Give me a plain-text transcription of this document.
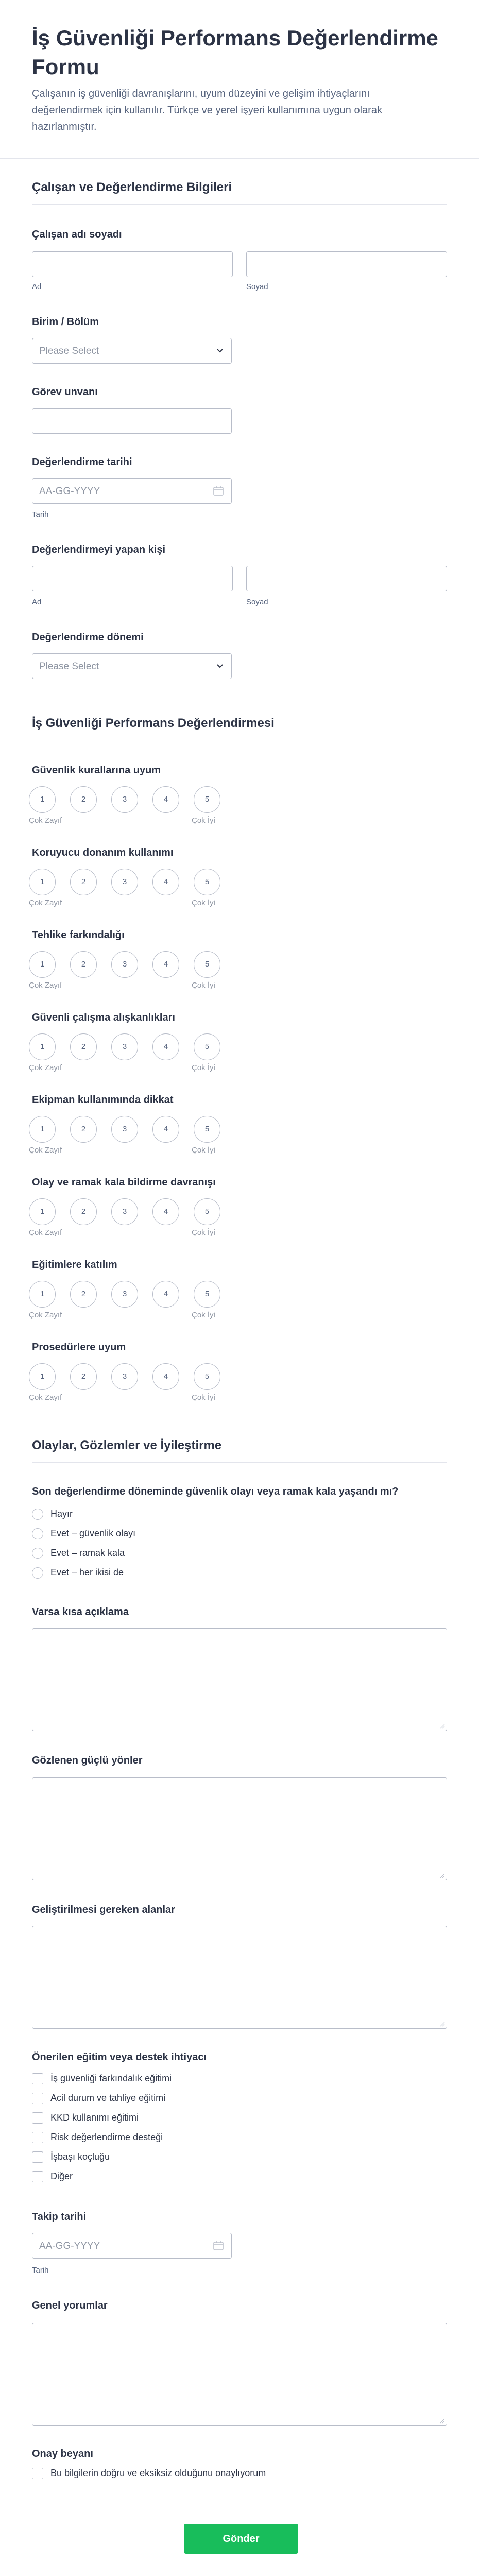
İş Güvenliği Performans Değerlendirme Formu

Çalışanın iş güvenliği davranışlarını, uyum düzeyini ve gelişim ihtiyaçlarını değerlendirmek için kullanılır. Türkçe ve yerel işyeri kullanımına uygun olarak hazırlanmıştır.

Çalışan ve Değerlendirme Bilgileri
Çalışan adı soyadı
Ad	Soyad
Birim / Bölüm
Please Select
Görev unvanı
Değerlendirme tarihi
AA-GG-YYYY
Tarih
Değerlendirmeyi yapan kişi
Ad	Soyad
Değerlendirme dönemi
Please Select
İş Güvenliği Performans Değerlendirmesi
Güvenlik kurallarına uyum
1	2	3	4	5
Çok Zayıf	Çok İyi
Koruyucu donanım kullanımı
1	2	3	4	5
Çok Zayıf	Çok İyi
Tehlike farkındalığı
1	2	3	4	5
Çok Zayıf	Çok İyi
Güvenli çalışma alışkanlıkları
1	2	3	4	5
Çok Zayıf	Çok İyi
Ekipman kullanımında dikkat
1	2	3	4	5
Çok Zayıf	Çok İyi
Olay ve ramak kala bildirme davranışı
1	2	3	4	5
Çok Zayıf	Çok İyi
Eğitimlere katılım
1	2	3	4	5
Çok Zayıf	Çok İyi
Prosedürlere uyum
1	2	3	4	5
Çok Zayıf	Çok İyi
Olaylar, Gözlemler ve İyileştirme
Son değerlendirme döneminde güvenlik olayı veya ramak kala yaşandı mı?
Hayır
Evet – güvenlik olayı
Evet – ramak kala
Evet – her ikisi de
Varsa kısa açıklama
Gözlenen güçlü yönler
Geliştirilmesi gereken alanlar
Önerilen eğitim veya destek ihtiyacı
İş güvenliği farkındalık eğitimi
Acil durum ve tahliye eğitimi
KKD kullanımı eğitimi
Risk değerlendirme desteği
İşbaşı koçluğu
Diğer
Takip tarihi
AA-GG-YYYY
Tarih
Genel yorumlar
Onay beyanı
Bu bilgilerin doğru ve eksiksiz olduğunu onaylıyorum
Gönder
